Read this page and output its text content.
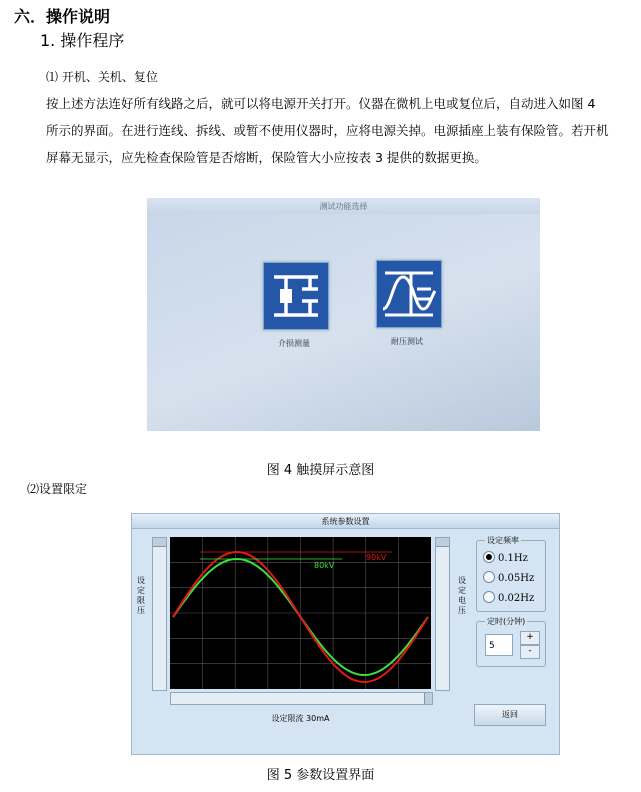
六．操作说明
1. 操作程序
⑴ 开机、关机、复位
按上述方法连好所有线路之后，就可以将电源开关打开。仪器在微机上电或复位后，自动进入如图 4 所示的界面。在进行连线、拆线、或暂不使用仪器时，应将电源关掉。电源插座上装有保险管。若开机屏幕无显示，应先检查保险管是否熔断，保险管大小应按表 3 提供的数据更换。
测试功能选择
介损测量	耐压测试
图 4 触摸屏示意图
⑵设置限定
系统参数设置
设定限压
80kV
90kV
设定电压
设定限流 30mA
设定频率
0.1Hz
0.05Hz
0.02Hz
定时(分钟)
5
+
-
返回
图 5 参数设置界面
